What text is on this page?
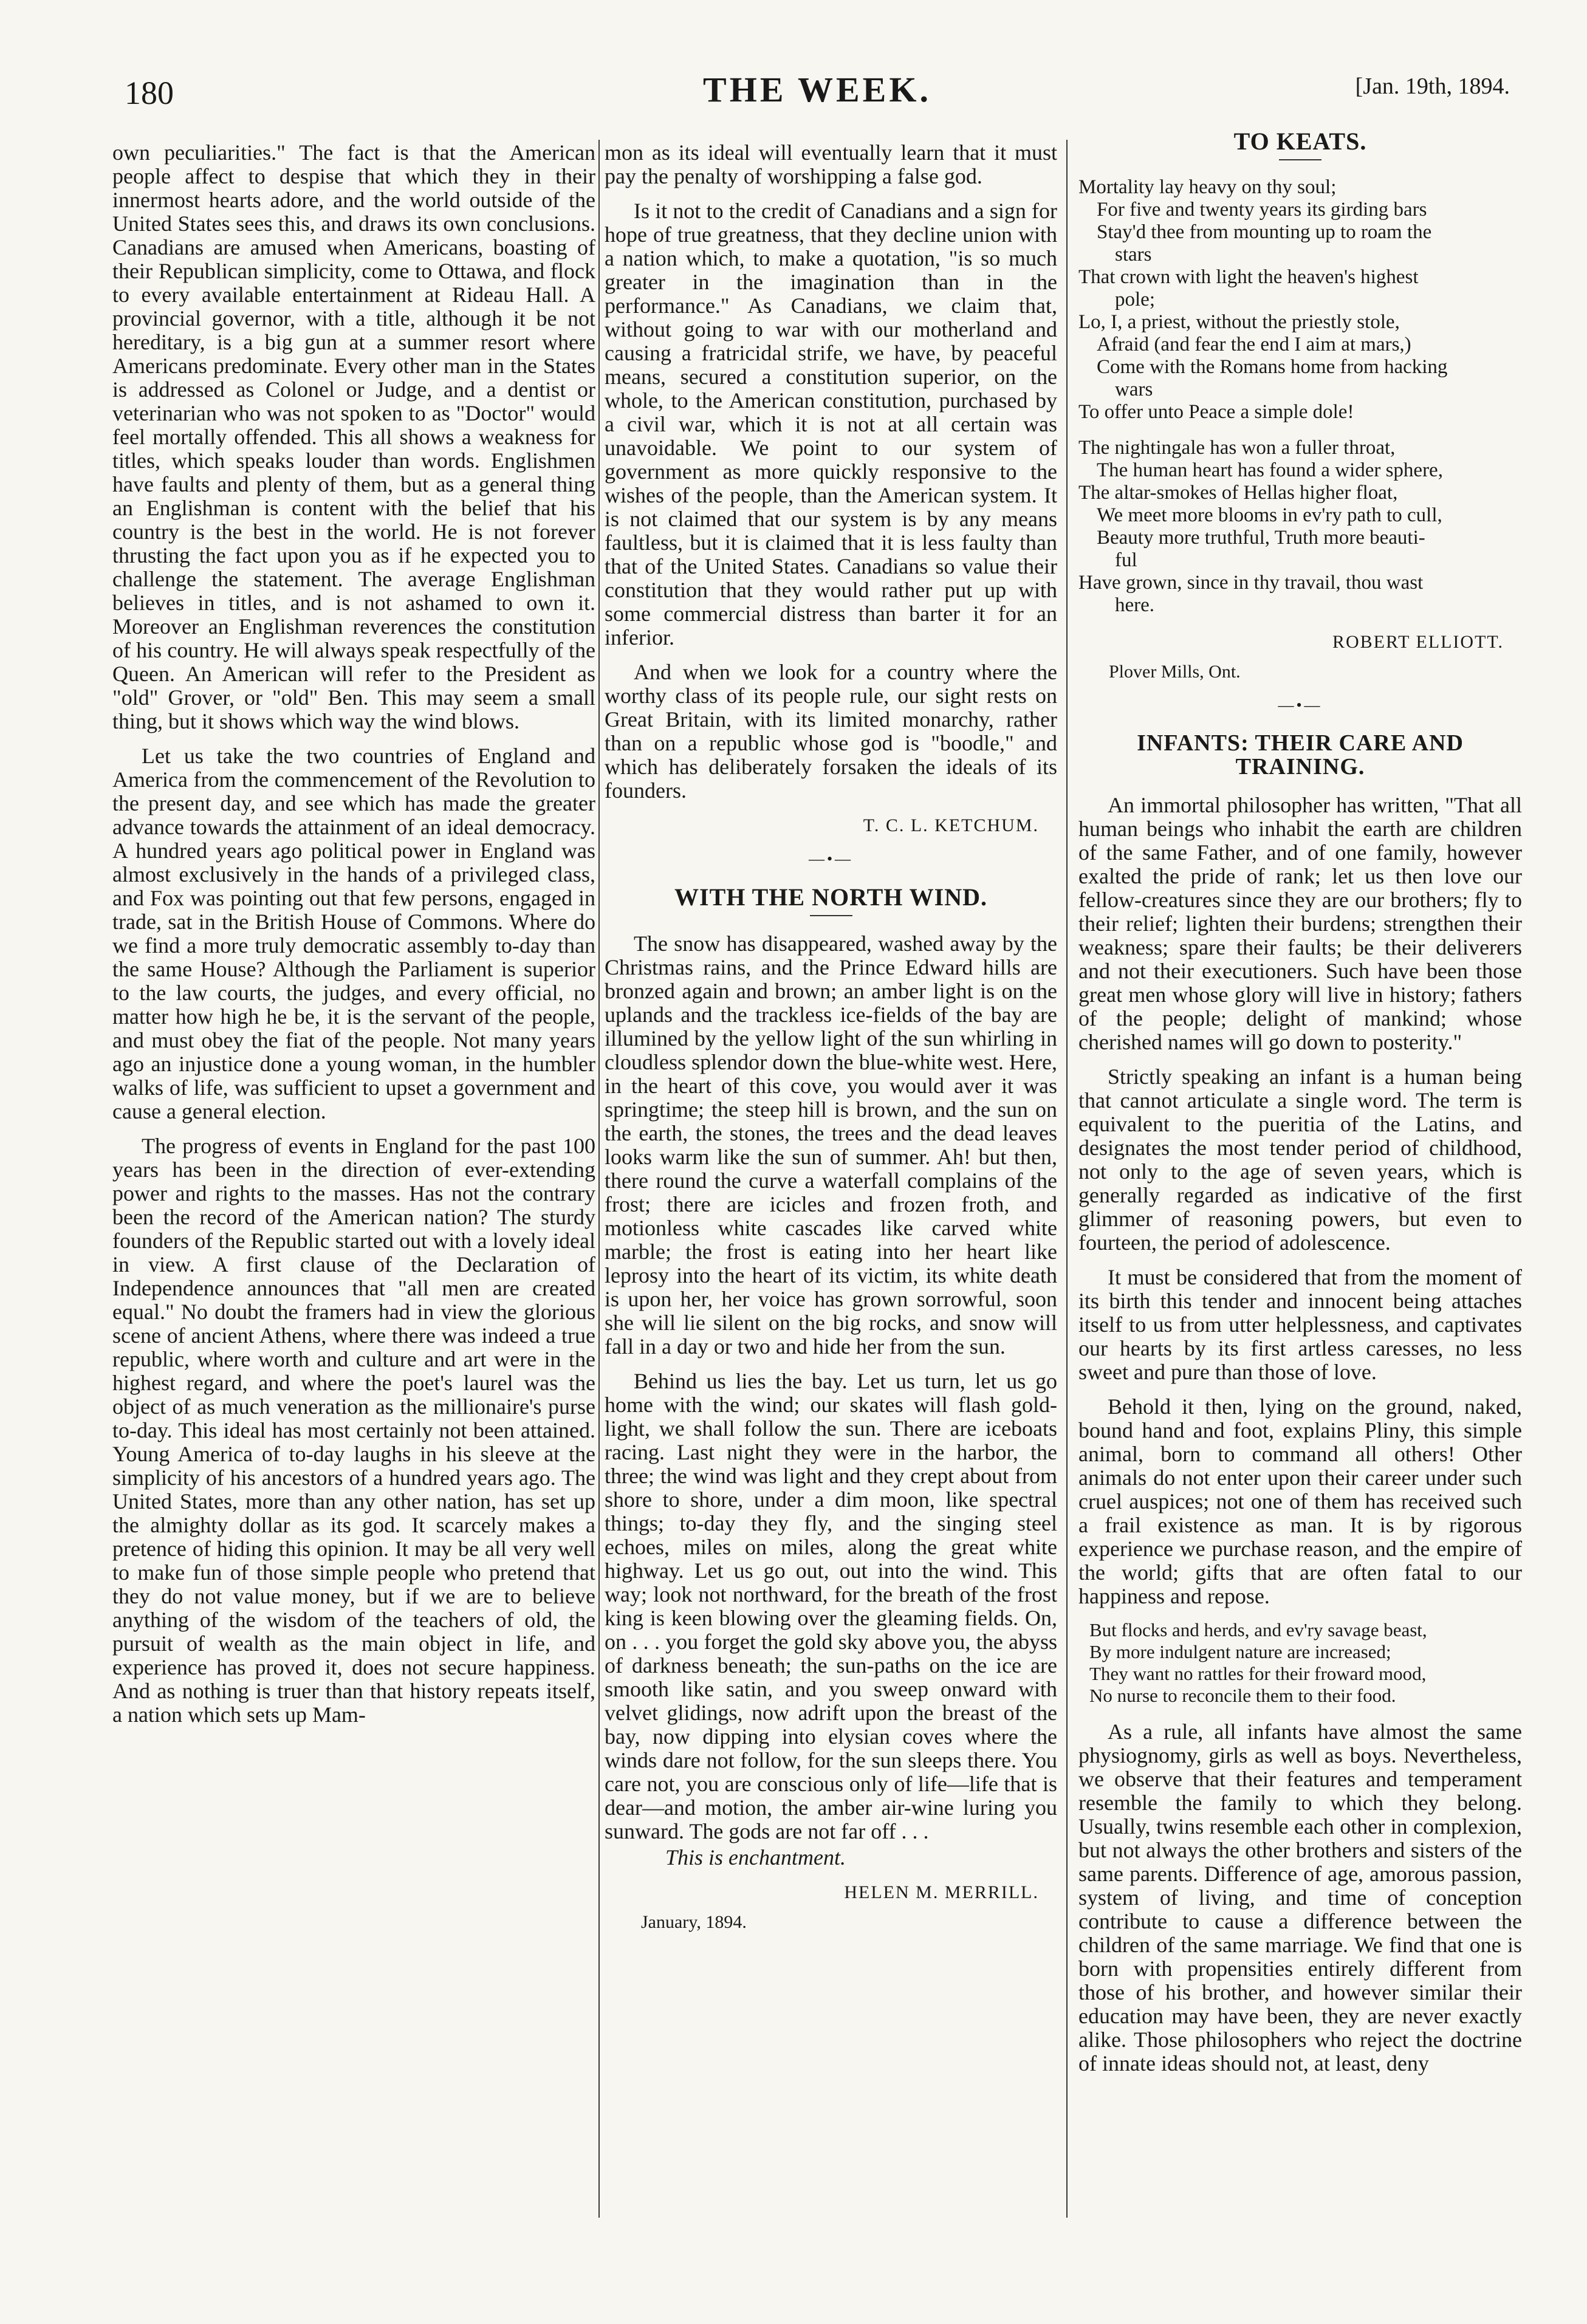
180	THE WEEK.	[Jan. 19th, 1894.

own peculiarities." The fact is that the American people affect to despise that which they in their innermost hearts adore, and the world outside of the United States sees this, and draws its own conclusions. Canadians are amused when Americans, boasting of their Republican simplicity, come to Ottawa, and flock to every available entertainment at Rideau Hall. A provincial governor, with a title, although it be not hereditary, is a big gun at a summer resort where Americans predominate. Every other man in the States is addressed as Colonel or Judge, and a dentist or veterinarian who was not spoken to as "Doctor" would feel mortally offended. This all shows a weakness for titles, which speaks louder than words. Englishmen have faults and plenty of them, but as a general thing an Englishman is content with the belief that his country is the best in the world. He is not forever thrusting the fact upon you as if he expected you to challenge the statement. The average Englishman believes in titles, and is not ashamed to own it. Moreover an Englishman reverences the constitution of his country. He will always speak respectfully of the Queen. An American will refer to the President as "old" Grover, or "old" Ben. This may seem a small thing, but it shows which way the wind blows.

Let us take the two countries of England and America from the commencement of the Revolution to the present day, and see which has made the greater advance towards the attainment of an ideal democracy. A hundred years ago political power in England was almost exclusively in the hands of a privileged class, and Fox was pointing out that few persons, engaged in trade, sat in the British House of Commons. Where do we find a more truly democratic assembly to-day than the same House? Although the Parliament is superior to the law courts, the judges, and every official, no matter how high he be, it is the servant of the people, and must obey the fiat of the people. Not many years ago an injustice done a young woman, in the humbler walks of life, was sufficient to upset a government and cause a general election.

The progress of events in England for the past 100 years has been in the direction of ever-extending power and rights to the masses. Has not the contrary been the record of the American nation? The sturdy founders of the Republic started out with a lovely ideal in view. A first clause of the Declaration of Independence announces that "all men are created equal." No doubt the framers had in view the glorious scene of ancient Athens, where there was indeed a true republic, where worth and culture and art were in the highest regard, and where the poet's laurel was the object of as much veneration as the millionaire's purse to-day. This ideal has most certainly not been attained. Young America of to-day laughs in his sleeve at the simplicity of his ancestors of a hundred years ago. The United States, more than any other nation, has set up the almighty dollar as its god. It scarcely makes a pretence of hiding this opinion. It may be all very well to make fun of those simple people who pretend that they do not value money, but if we are to believe anything of the wisdom of the teachers of old, the pursuit of wealth as the main object in life, and experience has proved it, does not secure happiness. And as nothing is truer than that history repeats itself, a nation which sets up Mam-

mon as its ideal will eventually learn that it must pay the penalty of worshipping a false god.

Is it not to the credit of Canadians and a sign for hope of true greatness, that they decline union with a nation which, to make a quotation, "is so much greater in the imagination than in the performance." As Canadians, we claim that, without going to war with our motherland and causing a fratricidal strife, we have, by peaceful means, secured a constitution superior, on the whole, to the American constitution, purchased by a civil war, which it is not at all certain was unavoidable. We point to our system of government as more quickly responsive to the wishes of the people, than the American system. It is not claimed that our system is by any means faultless, but it is claimed that it is less faulty than that of the United States. Canadians so value their constitution that they would rather put up with some commercial distress than barter it for an inferior.

And when we look for a country where the worthy class of its people rule, our sight rests on Great Britain, with its limited monarchy, rather than on a republic whose god is "boodle," and which has deliberately forsaken the ideals of its founders.

T. C. L. KETCHUM.
—•—
WITH THE NORTH WIND.

The snow has disappeared, washed away by the Christmas rains, and the Prince Edward hills are bronzed again and brown; an amber light is on the uplands and the trackless ice-fields of the bay are illumined by the yellow light of the sun whirling in cloudless splendor down the blue-white west. Here, in the heart of this cove, you would aver it was springtime; the steep hill is brown, and the sun on the earth, the stones, the trees and the dead leaves looks warm like the sun of summer. Ah! but then, there round the curve a waterfall complains of the frost; there are icicles and frozen froth, and motionless white cascades like carved white marble; the frost is eating into her heart like leprosy into the heart of its victim, its white death is upon her, her voice has grown sorrowful, soon she will lie silent on the big rocks, and snow will fall in a day or two and hide her from the sun.

Behind us lies the bay. Let us turn, let us go home with the wind; our skates will flash gold-light, we shall follow the sun. There are iceboats racing. Last night they were in the harbor, the three; the wind was light and they crept about from shore to shore, under a dim moon, like spectral things; to-day they fly, and the singing steel echoes, miles on miles, along the great white highway. Let us go out, out into the wind. This way; look not northward, for the breath of the frost king is keen blowing over the gleaming fields. On, on . . . you forget the gold sky above you, the abyss of darkness beneath; the sun-paths on the ice are smooth like satin, and you sweep onward with velvet glidings, now adrift upon the breast of the bay, now dipping into elysian coves where the winds dare not follow, for the sun sleeps there. You care not, you are conscious only of life—life that is dear—and motion, the amber air-wine luring you sunward. The gods are not far off . . .

This is enchantment.

HELEN M. MERRILL.
January, 1894.
TO KEATS.
Mortality lay heavy on thy soul;
For five and twenty years its girding bars
Stay'd thee from mounting up to roam the
stars
That crown with light the heaven's highest
pole;
Lo, I, a priest, without the priestly stole,
Afraid (and fear the end I aim at mars,)
Come with the Romans home from hacking
wars
To offer unto Peace a simple dole!
The nightingale has won a fuller throat,
The human heart has found a wider sphere,
The altar-smokes of Hellas higher float,
We meet more blooms in ev'ry path to cull,
Beauty more truthful, Truth more beauti-
ful
Have grown, since in thy travail, thou wast
here.
ROBERT ELLIOTT.
Plover Mills, Ont.
—•—
INFANTS: THEIR CARE AND TRAINING.

An immortal philosopher has written, "That all human beings who inhabit the earth are children of the same Father, and of one family, however exalted the pride of rank; let us then love our fellow-creatures since they are our brothers; fly to their relief; lighten their burdens; strengthen their weakness; spare their faults; be their deliverers and not their executioners. Such have been those great men whose glory will live in history; fathers of the people; delight of mankind; whose cherished names will go down to posterity."

Strictly speaking an infant is a human being that cannot articulate a single word. The term is equivalent to the pueritia of the Latins, and designates the most tender period of childhood, not only to the age of seven years, which is generally regarded as indicative of the first glimmer of reasoning powers, but even to fourteen, the period of adolescence.

It must be considered that from the moment of its birth this tender and innocent being attaches itself to us from utter helplessness, and captivates our hearts by its first artless caresses, no less sweet and pure than those of love.

Behold it then, lying on the ground, naked, bound hand and foot, explains Pliny, this simple animal, born to command all others! Other animals do not enter upon their career under such cruel auspices; not one of them has received such a frail existence as man. It is by rigorous experience we purchase reason, and the empire of the world; gifts that are often fatal to our happiness and repose.

But flocks and herds, and ev'ry savage beast,
By more indulgent nature are increased;
They want no rattles for their froward mood,
No nurse to reconcile them to their food.

As a rule, all infants have almost the same physiognomy, girls as well as boys. Nevertheless, we observe that their features and temperament resemble the family to which they belong. Usually, twins resemble each other in complexion, but not always the other brothers and sisters of the same parents. Difference of age, amorous passion, system of living, and time of conception contribute to cause a difference between the children of the same marriage. We find that one is born with propensities entirely different from those of his brother, and however similar their education may have been, they are never exactly alike. Those philosophers who reject the doctrine of innate ideas should not, at least, deny
